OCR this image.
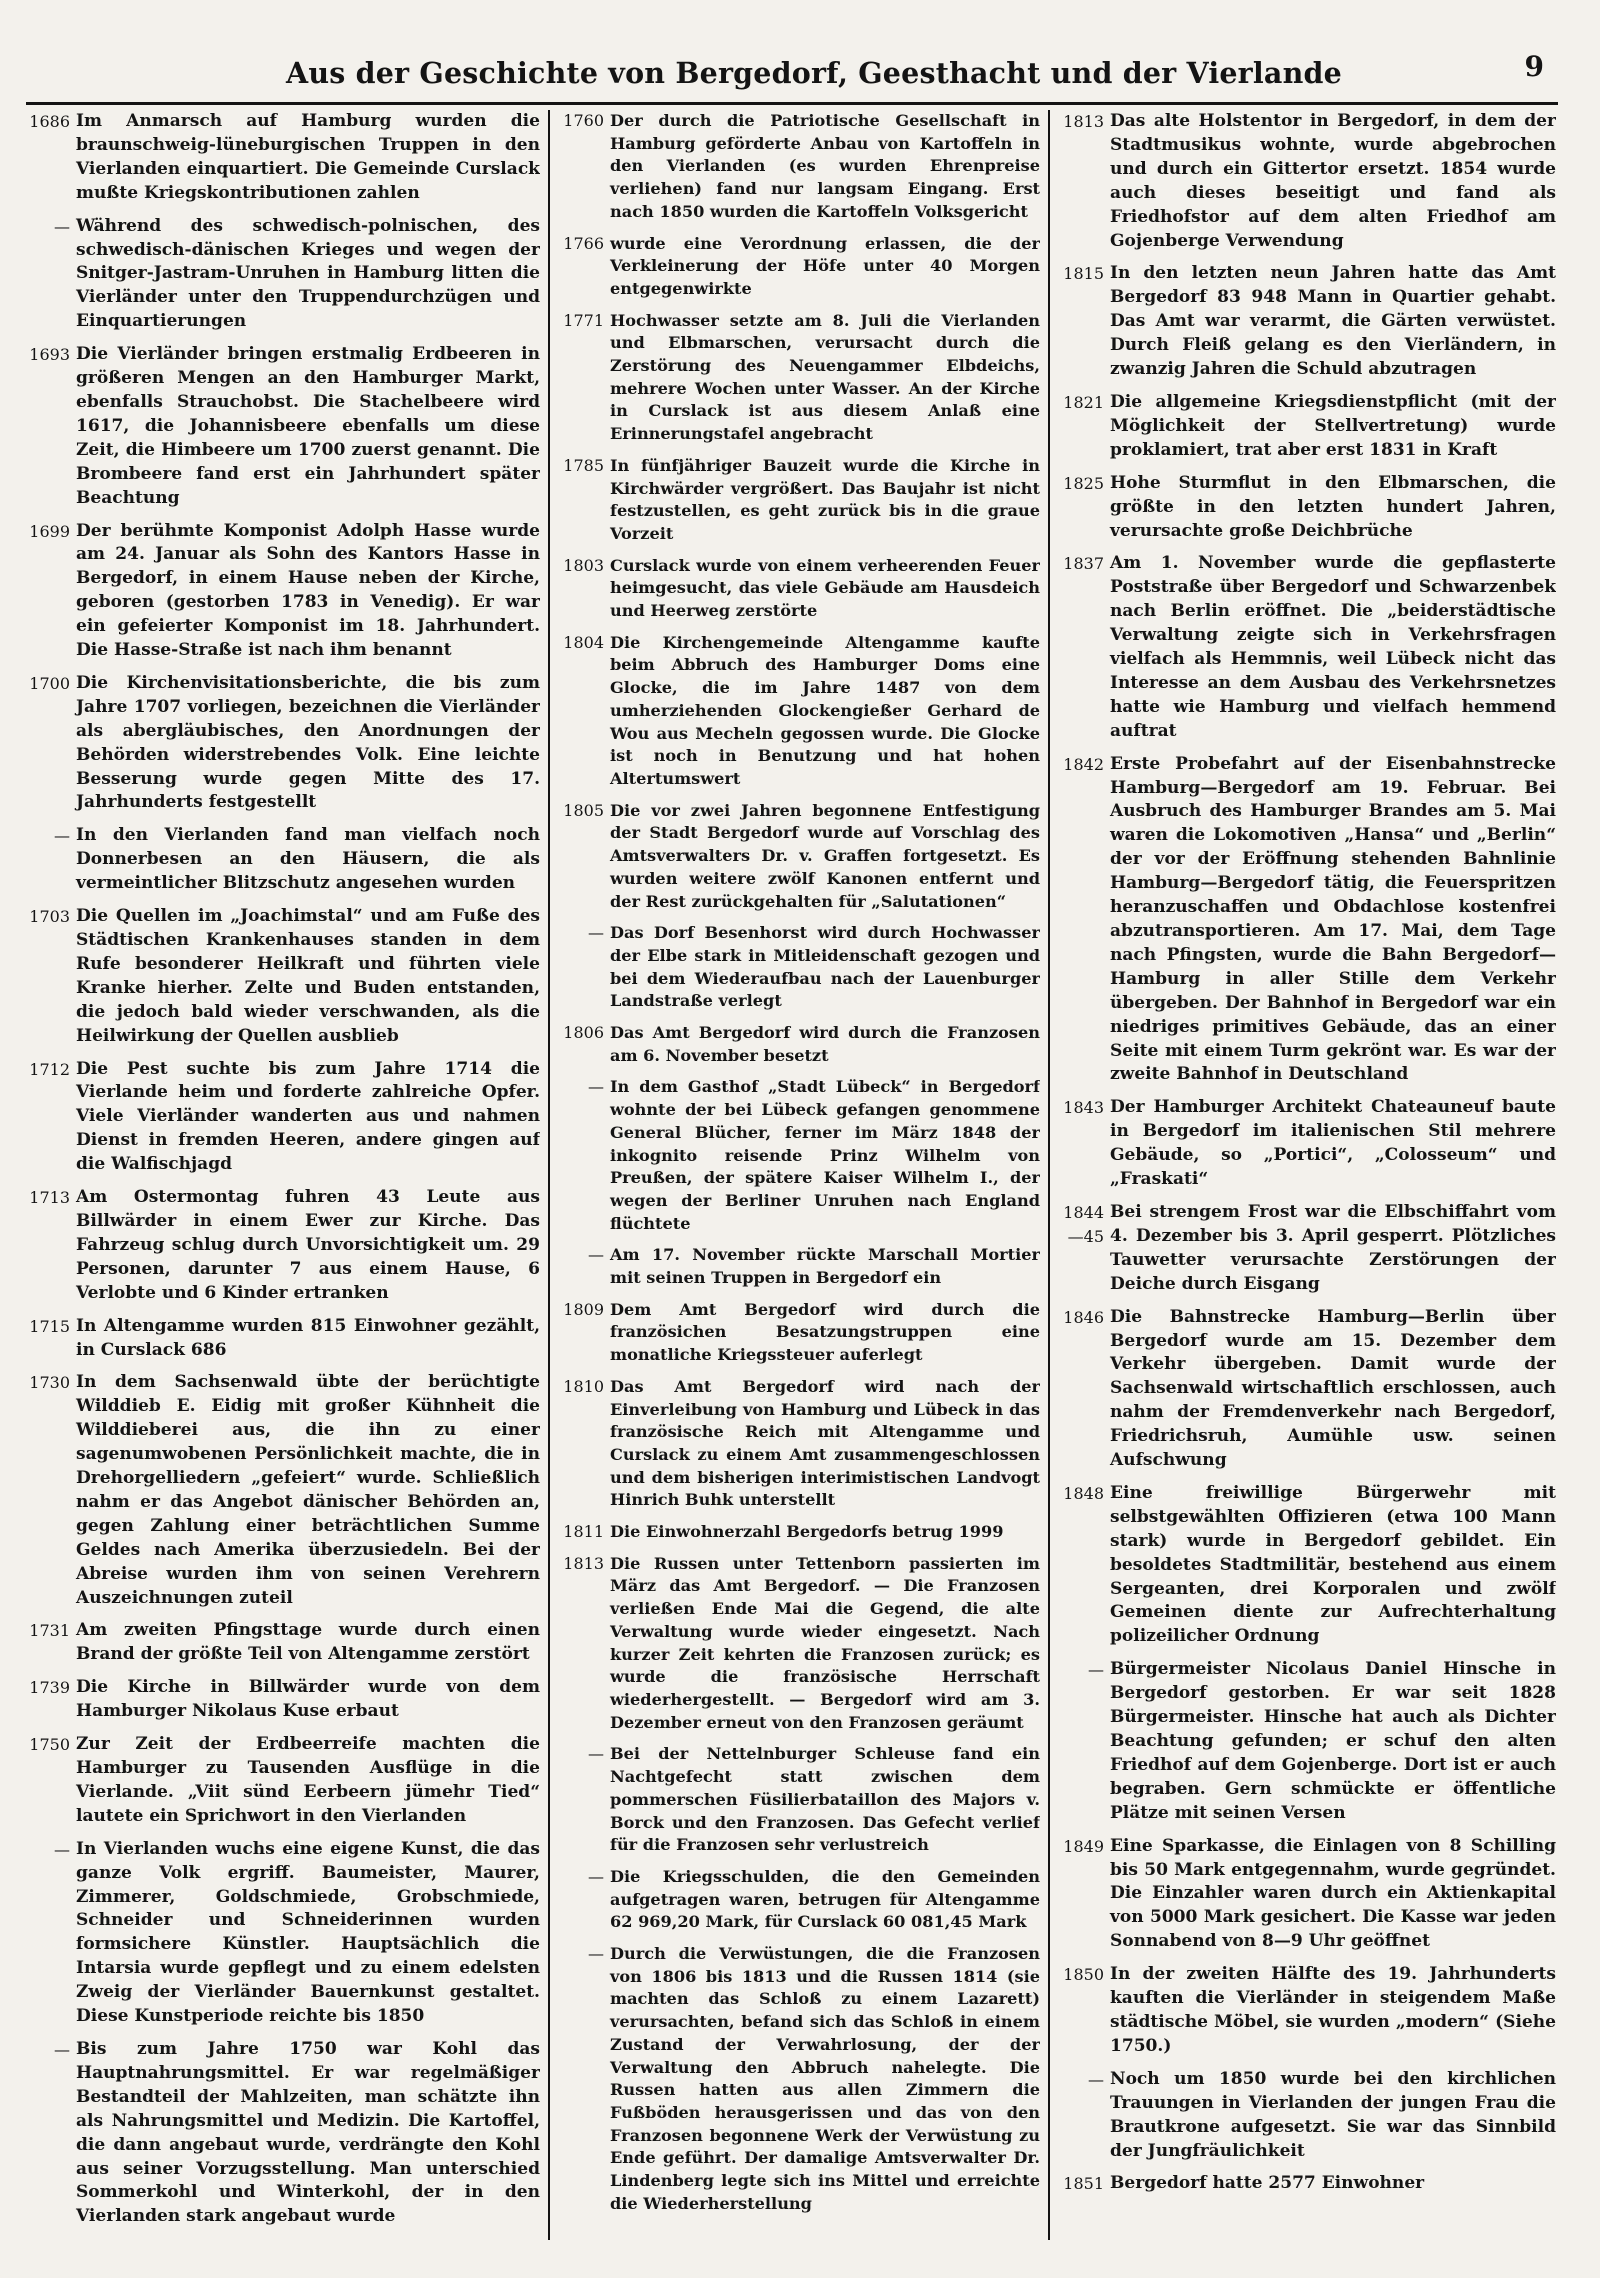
Aus der Geschichte von Bergedorf, Geesthacht und der Vierlande	9
1686 Im Anmarsch auf Hamburg wurden die braunschweig-lüneburgischen Truppen in den Vierlanden einquartiert. Die Gemeinde Curslack mußte Kriegskontributionen zahlen
— Während des schwedisch-polnischen, des schwedisch-dänischen Krieges und wegen der Snitger-Jastram-Unruhen in Hamburg litten die Vierländer unter den Truppendurchzügen und Einquartierungen
1693 Die Vierländer bringen erstmalig Erdbeeren in größeren Mengen an den Hamburger Markt, ebenfalls Strauchobst. Die Stachelbeere wird 1617, die Johannisbeere ebenfalls um diese Zeit, die Himbeere um 1700 zuerst genannt. Die Brombeere fand erst ein Jahrhundert später Beachtung
1699 Der berühmte Komponist Adolph Hasse wurde am 24. Januar als Sohn des Kantors Hasse in Bergedorf, in einem Hause neben der Kirche, geboren (gestorben 1783 in Venedig). Er war ein gefeierter Komponist im 18. Jahrhundert. Die Hasse-Straße ist nach ihm benannt
1700 Die Kirchenvisitationsberichte, die bis zum Jahre 1707 vorliegen, bezeichnen die Vierländer als abergläubisches, den Anordnungen der Behörden widerstrebendes Volk. Eine leichte Besserung wurde gegen Mitte des 17. Jahrhunderts festgestellt
— In den Vierlanden fand man vielfach noch Donnerbesen an den Häusern, die als vermeintlicher Blitzschutz angesehen wurden
1703 Die Quellen im „Joachimstal“ und am Fuße des Städtischen Krankenhauses standen in dem Rufe besonderer Heilkraft und führten viele Kranke hierher. Zelte und Buden entstanden, die jedoch bald wieder verschwanden, als die Heilwirkung der Quellen ausblieb
1712 Die Pest suchte bis zum Jahre 1714 die Vierlande heim und forderte zahlreiche Opfer. Viele Vierländer wanderten aus und nahmen Dienst in fremden Heeren, andere gingen auf die Walfischjagd
1713 Am Ostermontag fuhren 43 Leute aus Billwärder in einem Ewer zur Kirche. Das Fahrzeug schlug durch Unvorsichtigkeit um. 29 Personen, darunter 7 aus einem Hause, 6 Verlobte und 6 Kinder ertranken
1715 In Altengamme wurden 815 Einwohner gezählt, in Curslack 686
1730 In dem Sachsenwald übte der berüchtigte Wilddieb E. Eidig mit großer Kühnheit die Wilddieberei aus, die ihn zu einer sagenumwobenen Persönlichkeit machte, die in Drehorgelliedern „gefeiert“ wurde. Schließlich nahm er das Angebot dänischer Behörden an, gegen Zahlung einer beträchtlichen Summe Geldes nach Amerika überzusiedeln. Bei der Abreise wurden ihm von seinen Verehrern Auszeichnungen zuteil
1731 Am zweiten Pfingsttage wurde durch einen Brand der größte Teil von Altengamme zerstört
1739 Die Kirche in Billwärder wurde von dem Hamburger Nikolaus Kuse erbaut
1750 Zur Zeit der Erdbeerreife machten die Hamburger zu Tausenden Ausflüge in die Vierlande. „Viit sünd Eerbeern jümehr Tied“ lautete ein Sprichwort in den Vierlanden
— In Vierlanden wuchs eine eigene Kunst, die das ganze Volk ergriff. Baumeister, Maurer, Zimmerer, Goldschmiede, Grobschmiede, Schneider und Schneiderinnen wurden formsichere Künstler. Hauptsächlich die Intarsia wurde gepflegt und zu einem edelsten Zweig der Vierländer Bauernkunst gestaltet. Diese Kunstperiode reichte bis 1850
— Bis zum Jahre 1750 war Kohl das Hauptnahrungsmittel. Er war regelmäßiger Bestandteil der Mahlzeiten, man schätzte ihn als Nahrungsmittel und Medizin. Die Kartoffel, die dann angebaut wurde, verdrängte den Kohl aus seiner Vorzugsstellung. Man unterschied Sommerkohl und Winterkohl, der in den Vierlanden stark angebaut wurde
1760 Der durch die Patriotische Gesellschaft in Hamburg geförderte Anbau von Kartoffeln in den Vierlanden (es wurden Ehrenpreise verliehen) fand nur langsam Eingang. Erst nach 1850 wurden die Kartoffeln Volksgericht
1766 wurde eine Verordnung erlassen, die der Verkleinerung der Höfe unter 40 Morgen entgegenwirkte
1771 Hochwasser setzte am 8. Juli die Vierlanden und Elbmarschen, verursacht durch die Zerstörung des Neuengammer Elbdeichs, mehrere Wochen unter Wasser. An der Kirche in Curslack ist aus diesem Anlaß eine Erinnerungstafel angebracht
1785 In fünfjähriger Bauzeit wurde die Kirche in Kirchwärder vergrößert. Das Baujahr ist nicht festzustellen, es geht zurück bis in die graue Vorzeit
1803 Curslack wurde von einem verheerenden Feuer heimgesucht, das viele Gebäude am Hausdeich und Heerweg zerstörte
1804 Die Kirchengemeinde Altengamme kaufte beim Abbruch des Hamburger Doms eine Glocke, die im Jahre 1487 von dem umherziehenden Glockengießer Gerhard de Wou aus Mecheln gegossen wurde. Die Glocke ist noch in Benutzung und hat hohen Altertumswert
1805 Die vor zwei Jahren begonnene Entfestigung der Stadt Bergedorf wurde auf Vorschlag des Amtsverwalters Dr. v. Graffen fortgesetzt. Es wurden weitere zwölf Kanonen entfernt und der Rest zurückgehalten für „Salutationen“
— Das Dorf Besenhorst wird durch Hochwasser der Elbe stark in Mitleidenschaft gezogen und bei dem Wiederaufbau nach der Lauenburger Landstraße verlegt
1806 Das Amt Bergedorf wird durch die Franzosen am 6. November besetzt
— In dem Gasthof „Stadt Lübeck“ in Bergedorf wohnte der bei Lübeck gefangen genommene General Blücher, ferner im März 1848 der inkognito reisende Prinz Wilhelm von Preußen, der spätere Kaiser Wilhelm I., der wegen der Berliner Unruhen nach England flüchtete
— Am 17. November rückte Marschall Mortier mit seinen Truppen in Bergedorf ein
1809 Dem Amt Bergedorf wird durch die französichen Besatzungstruppen eine monatliche Kriegssteuer auferlegt
1810 Das Amt Bergedorf wird nach der Einverleibung von Hamburg und Lübeck in das französische Reich mit Altengamme und Curslack zu einem Amt zusammengeschlossen und dem bisherigen interimistischen Landvogt Hinrich Buhk unterstellt
1811 Die Einwohnerzahl Bergedorfs betrug 1999
1813 Die Russen unter Tettenborn passierten im März das Amt Bergedorf. — Die Franzosen verließen Ende Mai die Gegend, die alte Verwaltung wurde wieder eingesetzt. Nach kurzer Zeit kehrten die Franzosen zurück; es wurde die französische Herrschaft wiederhergestellt. — Bergedorf wird am 3. Dezember erneut von den Franzosen geräumt
— Bei der Nettelnburger Schleuse fand ein Nachtgefecht statt zwischen dem pommerschen Füsilierbataillon des Majors v. Borck und den Franzosen. Das Gefecht verlief für die Franzosen sehr verlustreich
— Die Kriegsschulden, die den Gemeinden aufgetragen waren, betrugen für Altengamme 62 969,20 Mark, für Curslack 60 081,45 Mark
— Durch die Verwüstungen, die die Franzosen von 1806 bis 1813 und die Russen 1814 (sie machten das Schloß zu einem Lazarett) verursachten, befand sich das Schloß in einem Zustand der Verwahrlosung, der der Verwaltung den Abbruch nahelegte. Die Russen hatten aus allen Zimmern die Fußböden herausgerissen und das von den Franzosen begonnene Werk der Verwüstung zu Ende geführt. Der damalige Amtsverwalter Dr. Lindenberg legte sich ins Mittel und erreichte die Wiederherstellung
1813 Das alte Holstentor in Bergedorf, in dem der Stadtmusikus wohnte, wurde abgebrochen und durch ein Gittertor ersetzt. 1854 wurde auch dieses beseitigt und fand als Friedhofstor auf dem alten Friedhof am Gojenberge Verwendung
1815 In den letzten neun Jahren hatte das Amt Bergedorf 83 948 Mann in Quartier gehabt. Das Amt war verarmt, die Gärten verwüstet. Durch Fleiß gelang es den Vierländern, in zwanzig Jahren die Schuld abzutragen
1821 Die allgemeine Kriegsdienstpflicht (mit der Möglichkeit der Stellvertretung) wurde proklamiert, trat aber erst 1831 in Kraft
1825 Hohe Sturmflut in den Elbmarschen, die größte in den letzten hundert Jahren, verursachte große Deichbrüche
1837 Am 1. November wurde die gepflasterte Poststraße über Bergedorf und Schwarzenbek nach Berlin eröffnet. Die „beiderstädtische Verwaltung zeigte sich in Verkehrsfragen vielfach als Hemmnis, weil Lübeck nicht das Interesse an dem Ausbau des Verkehrsnetzes hatte wie Hamburg und vielfach hemmend auftrat
1842 Erste Probefahrt auf der Eisenbahnstrecke Hamburg—Bergedorf am 19. Februar. Bei Ausbruch des Hamburger Brandes am 5. Mai waren die Lokomotiven „Hansa“ und „Berlin“ der vor der Eröffnung stehenden Bahnlinie Hamburg—Bergedorf tätig, die Feuerspritzen heranzuschaffen und Obdachlose kostenfrei abzutransportieren. Am 17. Mai, dem Tage nach Pfingsten, wurde die Bahn Bergedorf—Hamburg in aller Stille dem Verkehr übergeben. Der Bahnhof in Bergedorf war ein niedriges primitives Gebäude, das an einer Seite mit einem Turm gekrönt war. Es war der zweite Bahnhof in Deutschland
1843 Der Hamburger Architekt Chateauneuf baute in Bergedorf im italienischen Stil mehrere Gebäude, so „Portici“, „Colosseum“ und „Fraskati“
1844—45
Bei strengem Frost war die Elbschiffahrt vom 4. Dezember bis 3. April gesperrt. Plötzliches Tauwetter verursachte Zerstörungen der Deiche durch Eisgang
1846 Die Bahnstrecke Hamburg—Berlin über Bergedorf wurde am 15. Dezember dem Verkehr übergeben. Damit wurde der Sachsenwald wirtschaftlich erschlossen, auch nahm der Fremdenverkehr nach Bergedorf, Friedrichsruh, Aumühle usw. seinen Aufschwung
1848 Eine freiwillige Bürgerwehr mit selbstgewählten Offizieren (etwa 100 Mann stark) wurde in Bergedorf gebildet. Ein besoldetes Stadtmilitär, bestehend aus einem Sergeanten, drei Korporalen und zwölf Gemeinen diente zur Aufrechterhaltung polizeilicher Ordnung
— Bürgermeister Nicolaus Daniel Hinsche in Bergedorf gestorben. Er war seit 1828 Bürgermeister. Hinsche hat auch als Dichter Beachtung gefunden; er schuf den alten Friedhof auf dem Gojenberge. Dort ist er auch begraben. Gern schmückte er öffentliche Plätze mit seinen Versen
1849 Eine Sparkasse, die Einlagen von 8 Schilling bis 50 Mark entgegennahm, wurde gegründet. Die Einzahler waren durch ein Aktienkapital von 5000 Mark gesichert. Die Kasse war jeden Sonnabend von 8—9 Uhr geöffnet
1850 In der zweiten Hälfte des 19. Jahrhunderts kauften die Vierländer in steigendem Maße städtische Möbel, sie wurden „modern“ (Siehe 1750.)
— Noch um 1850 wurde bei den kirchlichen Trauungen in Vierlanden der jungen Frau die Brautkrone aufgesetzt. Sie war das Sinnbild der Jungfräulichkeit
1851 Bergedorf hatte 2577 Einwohner
